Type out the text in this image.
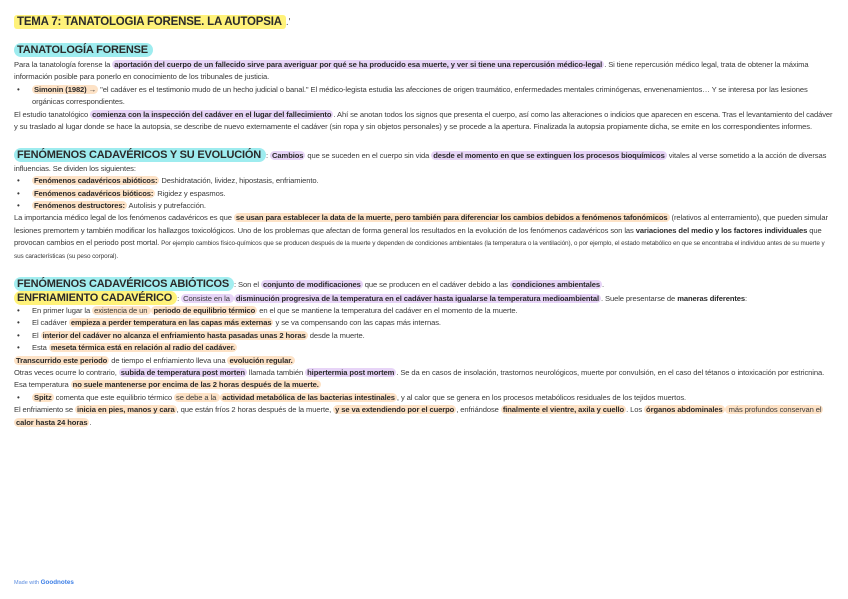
TEMA 7: TANATOLOGIA FORENSE. LA AUTOPSIA .'
TANATOLOGÍA FORENSE

Para la tanatología forense la aportación del cuerpo de un fallecido sirve para averiguar por qué se ha producido esa muerte, y ver si tiene una repercusión médico-legal . Si tiene repercusión médico legal, trata de obtener la máxima información posible para ponerlo en conocimiento de los tribunales de justicia.

• Simonin (1982) → "el cadáver es el testimonio mudo de un hecho judicial o banal." El médico-legista estudia las afecciones de origen traumático, enfermedades mentales criminógenas, envenenamientos… Y se interesa por las lesiones orgánicas correspondientes.

El estudio tanatológico comienza con la inspección del cadáver en el lugar del fallecimiento . Ahí se anotan todos los signos que presenta el cuerpo, así como las alteraciones o indicios que aparecen en escena. Tras el levantamiento del cadáver y su traslado al lugar donde se hace la autopsia, se describe de nuevo externamente el cadáver (sin ropa y sin objetos personales) y se procede a la apertura. Finalizada la autopsia propiamente dicha, se emite en los correspondientes informes.

FENÓMENOS CADAVÉRICOS Y SU EVOLUCIÓN : Cambios que se suceden en el cuerpo sin vida desde el momento en que se extinguen los procesos bioquímicos vitales al verse sometido a la acción de diversas influencias. Se dividen los siguientes:

• Fenómenos cadavéricos abióticos: Deshidratación, lividez, hipostasis, enfriamiento.

• Fenómenos cadavéricos bióticos: Rigidez y espasmos.

• Fenómenos destructores: Autolisis y putrefacción.

La importancia médico legal de los fenómenos cadavéricos es que se usan para establecer la data de la muerte, pero también para diferenciar los cambios debidos a fenómenos tafonómicos (relativos al enterramiento), que pueden simular lesiones premortem y también modificar los hallazgos toxicológicos. Uno de los problemas que afectan de forma general los resultados en la evolución de los fenómenos cadavéricos son las variaciones del medio y los factores individuales que provocan cambios en el periodo post mortal. Por ejemplo cambios físico-químicos que se producen después de la muerte y dependen de condiciones ambientales (la temperatura o la ventilación), o por ejemplo, el estado metabólico en que se encontraba el individuo antes de su muerte y sus características (su peso corporal).

FENÓMENOS CADAVÉRICOS ABIÓTICOS : Son el conjunto de modificaciones que se producen en el cadáver debido a las condiciones ambientales .

ENFRIAMIENTO CADAVÉRICO : Consiste en la disminución progresiva de la temperatura en el cadáver hasta igualarse la temperatura medioambiental . Suele presentarse de maneras diferentes:

• En primer lugar la existencia de un periodo de equilibrio térmico en el que se mantiene la temperatura del cadáver en el momento de la muerte.

• El cadáver empieza a perder temperatura en las capas más externas y se va compensando con las capas más internas.

• El interior del cadáver no alcanza el enfriamiento hasta pasadas unas 2 horas desde la muerte.

• Esta meseta térmica está en relación al radio del cadáver.

Transcurrido este periodo de tiempo el enfriamiento lleva una evolución regular.

Otras veces ocurre lo contrario, subida de temperatura post morten llamada también hipertermia post mortem . Se da en casos de insolación, trastornos neurológicos, muerte por convulsión, en el caso del tétanos o intoxicación por estricnina. Esa temperatura no suele mantenerse por encima de las 2 horas después de la muerte.

• Spitz comenta que este equilibrio térmico se debe a la actividad metabólica de las bacterias intestinales , y al calor que se genera en los procesos metabólicos residuales de los tejidos muertos.

El enfriamiento se inicia en pies, manos y cara , que están fríos 2 horas después de la muerte, y se va extendiendo por el cuerpo , enfriándose finalmente el vientre, axila y cuello . Los órganos abdominales más profundos conservan el calor hasta 24 horas .

Made with Goodnotes
